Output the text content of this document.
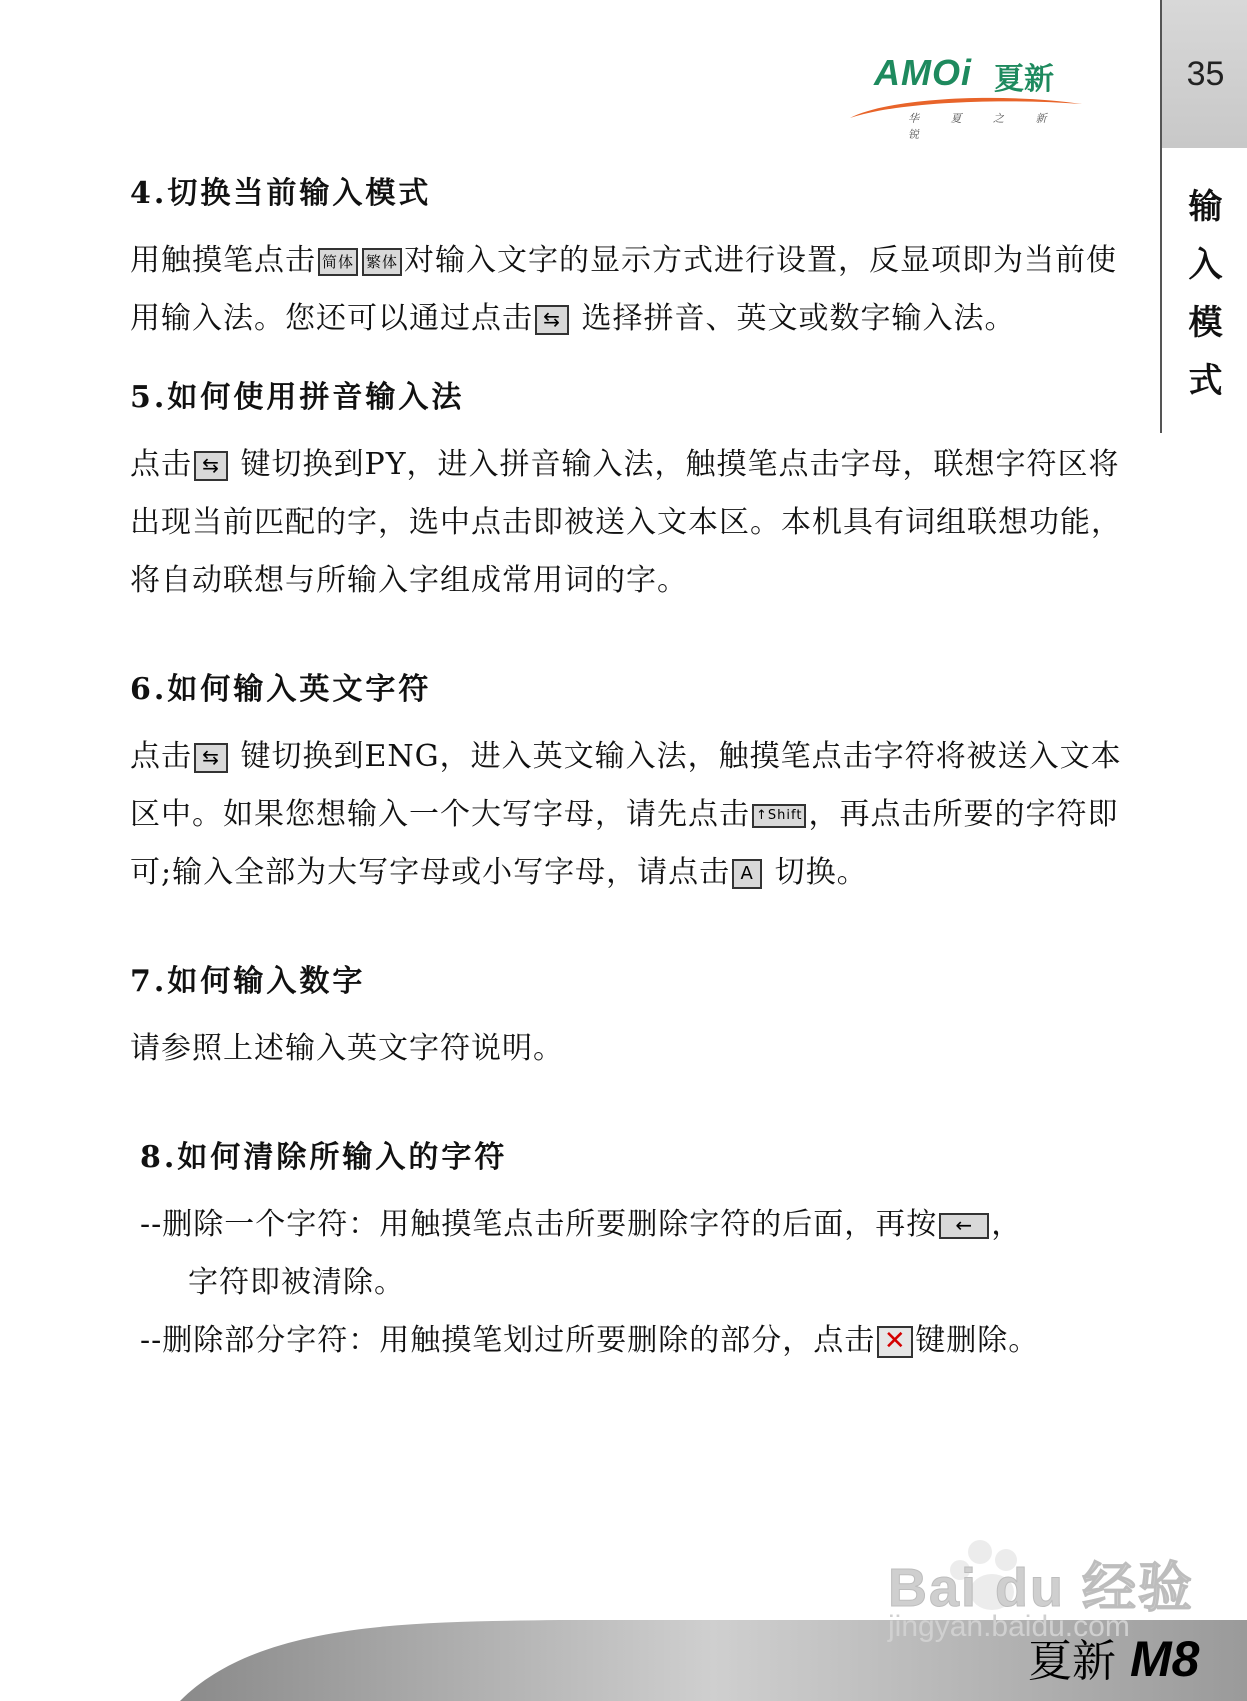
35
输
入
模
式
AMOi 夏新
华 夏 之 新 锐
4.切换当前输入模式

用触摸笔点击 简体 繁体 对输入文字的显示方式进行设置，反显项即为当前使用输入法。您还可以通过点击 ⇆ 选择拼音、英文或数字输入法。

5.如何使用拼音输入法

点击 ⇆ 键切换到PY，进入拼音输入法，触摸笔点击字母，联想字符区将出现当前匹配的字，选中点击即被送入文本区。本机具有词组联想功能，将自动联想与所输入字组成常用词的字。

6.如何输入英文字符

点击 ⇆ 键切换到ENG，进入英文输入法，触摸笔点击字符将被送入文本区中。如果您想输入一个大写字母，请先点击 ↑Shift ，再点击所要的字符即可;输入全部为大写字母或小写字母，请点击 A 切换。

7.如何输入数字

请参照上述输入英文字符说明。

8.如何清除所输入的字符

--删除一个字符：用触摸笔点击所要删除字符的后面，再按 ← ，
字符即被清除。

--删除部分字符：用触摸笔划过所要删除的部分，点击 ✕ 键删除。

Bai du 经验
jingyan.baidu.com
夏新 M8
